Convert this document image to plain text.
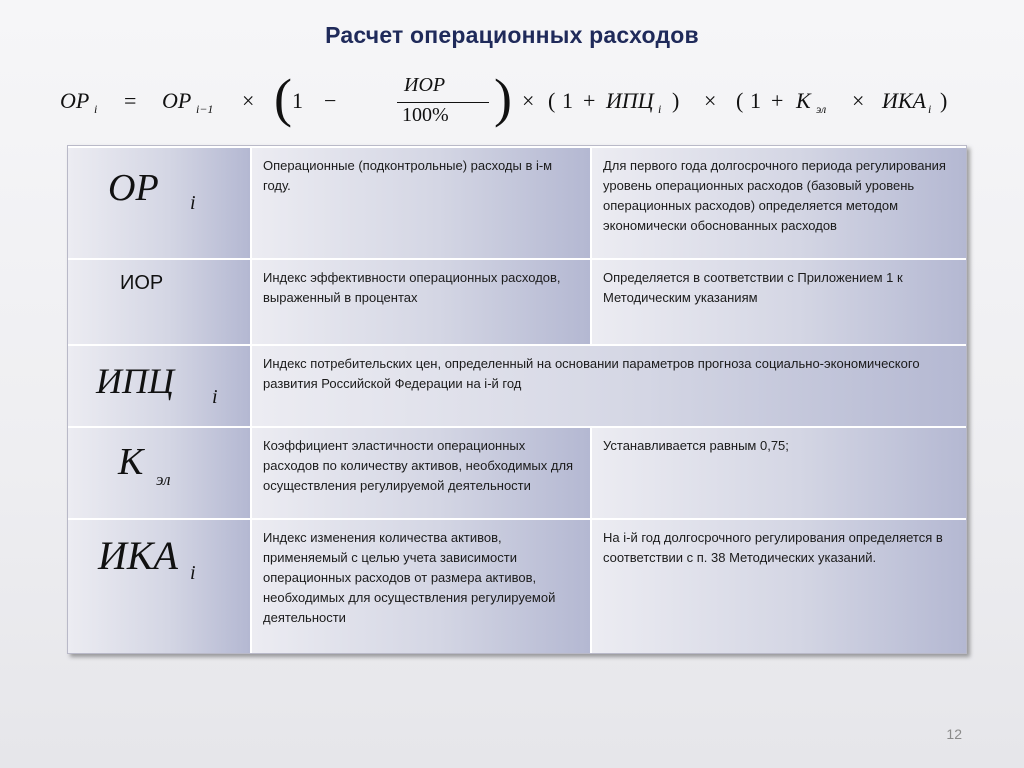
Расчет операционных расходов
OP i = OP i−1 × ( 1 −
ИОР
100% ) × ( 1 + ИПЦ i ) × ( 1 + К эл × ИКА i )
OP i
Операционные (подконтрольные) расходы в i-м году.
Для первого года долгосрочного периода регулирования уровень операционных расходов (базовый уровень операционных расходов) определяется методом экономически обоснованных расходов
ИОР	Индекс эффективности операционных расходов, выраженный в процентах
Определяется в соответствии с Приложением 1 к Методическим указаниям
ИПЦ i
Индекс потребительских цен, определенный на основании параметров прогноза социально-экономического развития Российской Федерации на i-й год
К эл
Коэффициент эластичности операционных расходов по количеству активов, необходимых для осуществления регулируемой деятельности
Устанавливается равным 0,75;
ИКА i
Индекс изменения количества активов, применяемый с целью учета зависимости операционных расходов от размера активов, необходимых для осуществления регулируемой деятельности
На i-й год долгосрочного регулирования определяется в соответствии с п. 38 Методических указаний.
12
